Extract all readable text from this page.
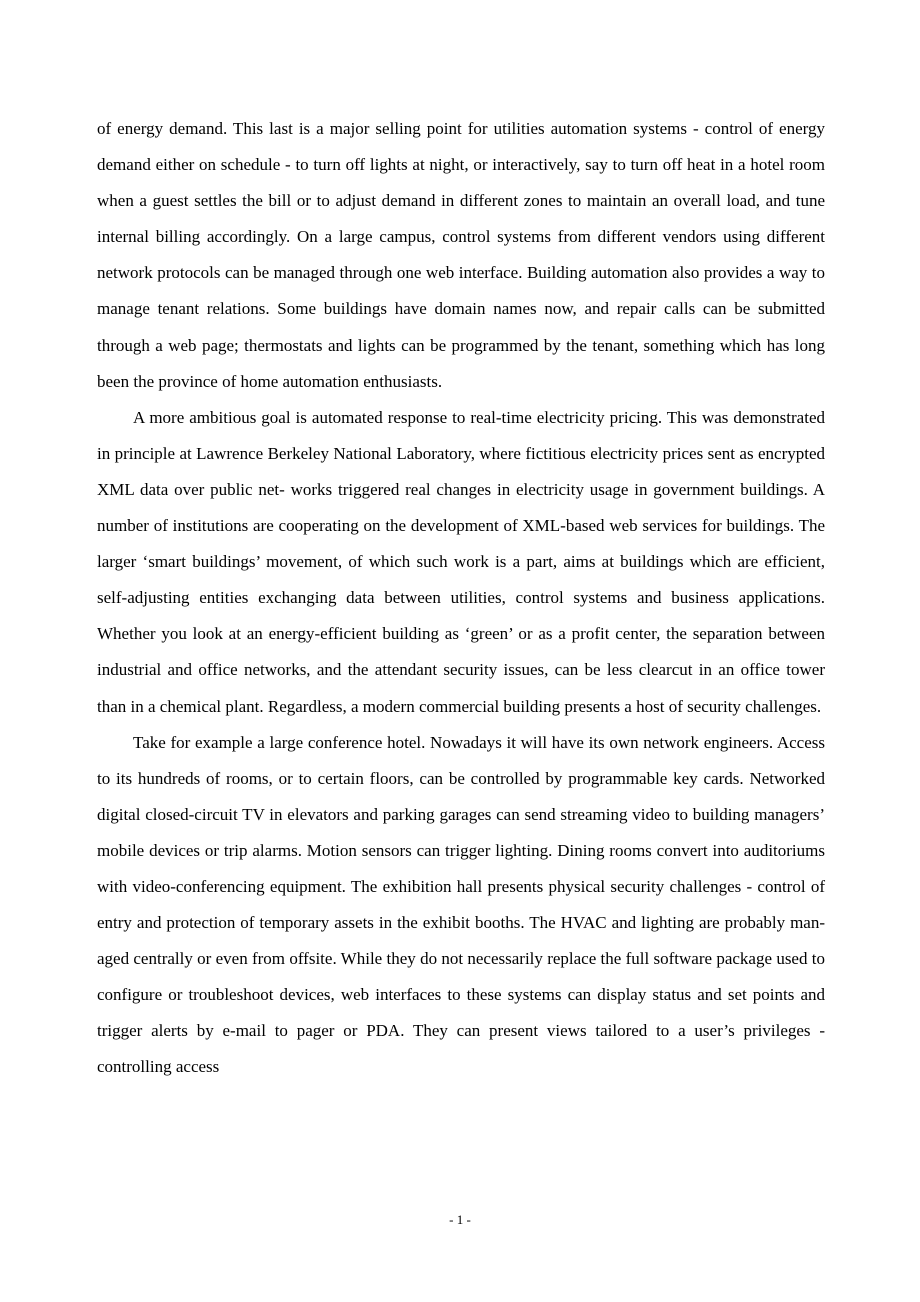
of energy demand. This last is a major selling point for utilities automation systems - control of energy demand either on schedule - to turn off lights at night, or interactively, say to turn off heat in a hotel room when a guest settles the bill or to adjust demand in different zones to maintain an overall load, and tune internal billing accordingly. On a large campus, control systems from different vendors using different network protocols can be managed through one web interface. Building automation also provides a way to manage tenant relations. Some buildings have domain names now, and repair calls can be submitted through a web page; thermostats and lights can be programmed by the tenant, something which has long been the province of home automation enthusiasts.

A more ambitious goal is automated response to real-time electricity pricing. This was demonstrated in principle at Lawrence Berkeley National Laboratory, where fictitious electricity prices sent as encrypted XML data over public net- works triggered real changes in electricity usage in government buildings. A number of institutions are cooperating on the development of XML-based web services for buildings. The larger ‘smart buildings’ movement, of which such work is a part, aims at buildings which are efficient, self-adjusting entities exchanging data between utilities, control systems and business applications. Whether you look at an energy-efficient building as ‘green’ or as a profit center, the separation between industrial and office networks, and the attendant security issues, can be less clearcut in an office tower than in a chemical plant. Regardless, a modern commercial building presents a host of security challenges.

Take for example a large conference hotel. Nowadays it will have its own network engineers. Access to its hundreds of rooms, or to certain floors, can be controlled by programmable key cards. Networked digital closed-circuit TV in elevators and parking garages can send streaming video to building managers’ mobile devices or trip alarms. Motion sensors can trigger lighting. Dining rooms convert into auditoriums with video-conferencing equipment. The exhibition hall presents physical security challenges - control of entry and protection of temporary assets in the exhibit booths. The HVAC and lighting are probably man- aged centrally or even from offsite. While they do not necessarily replace the full software package used to configure or troubleshoot devices, web interfaces to these systems can display status and set points and trigger alerts by e-mail to pager or PDA. They can present views tailored to a user’s privileges - controlling access

- 1 -
